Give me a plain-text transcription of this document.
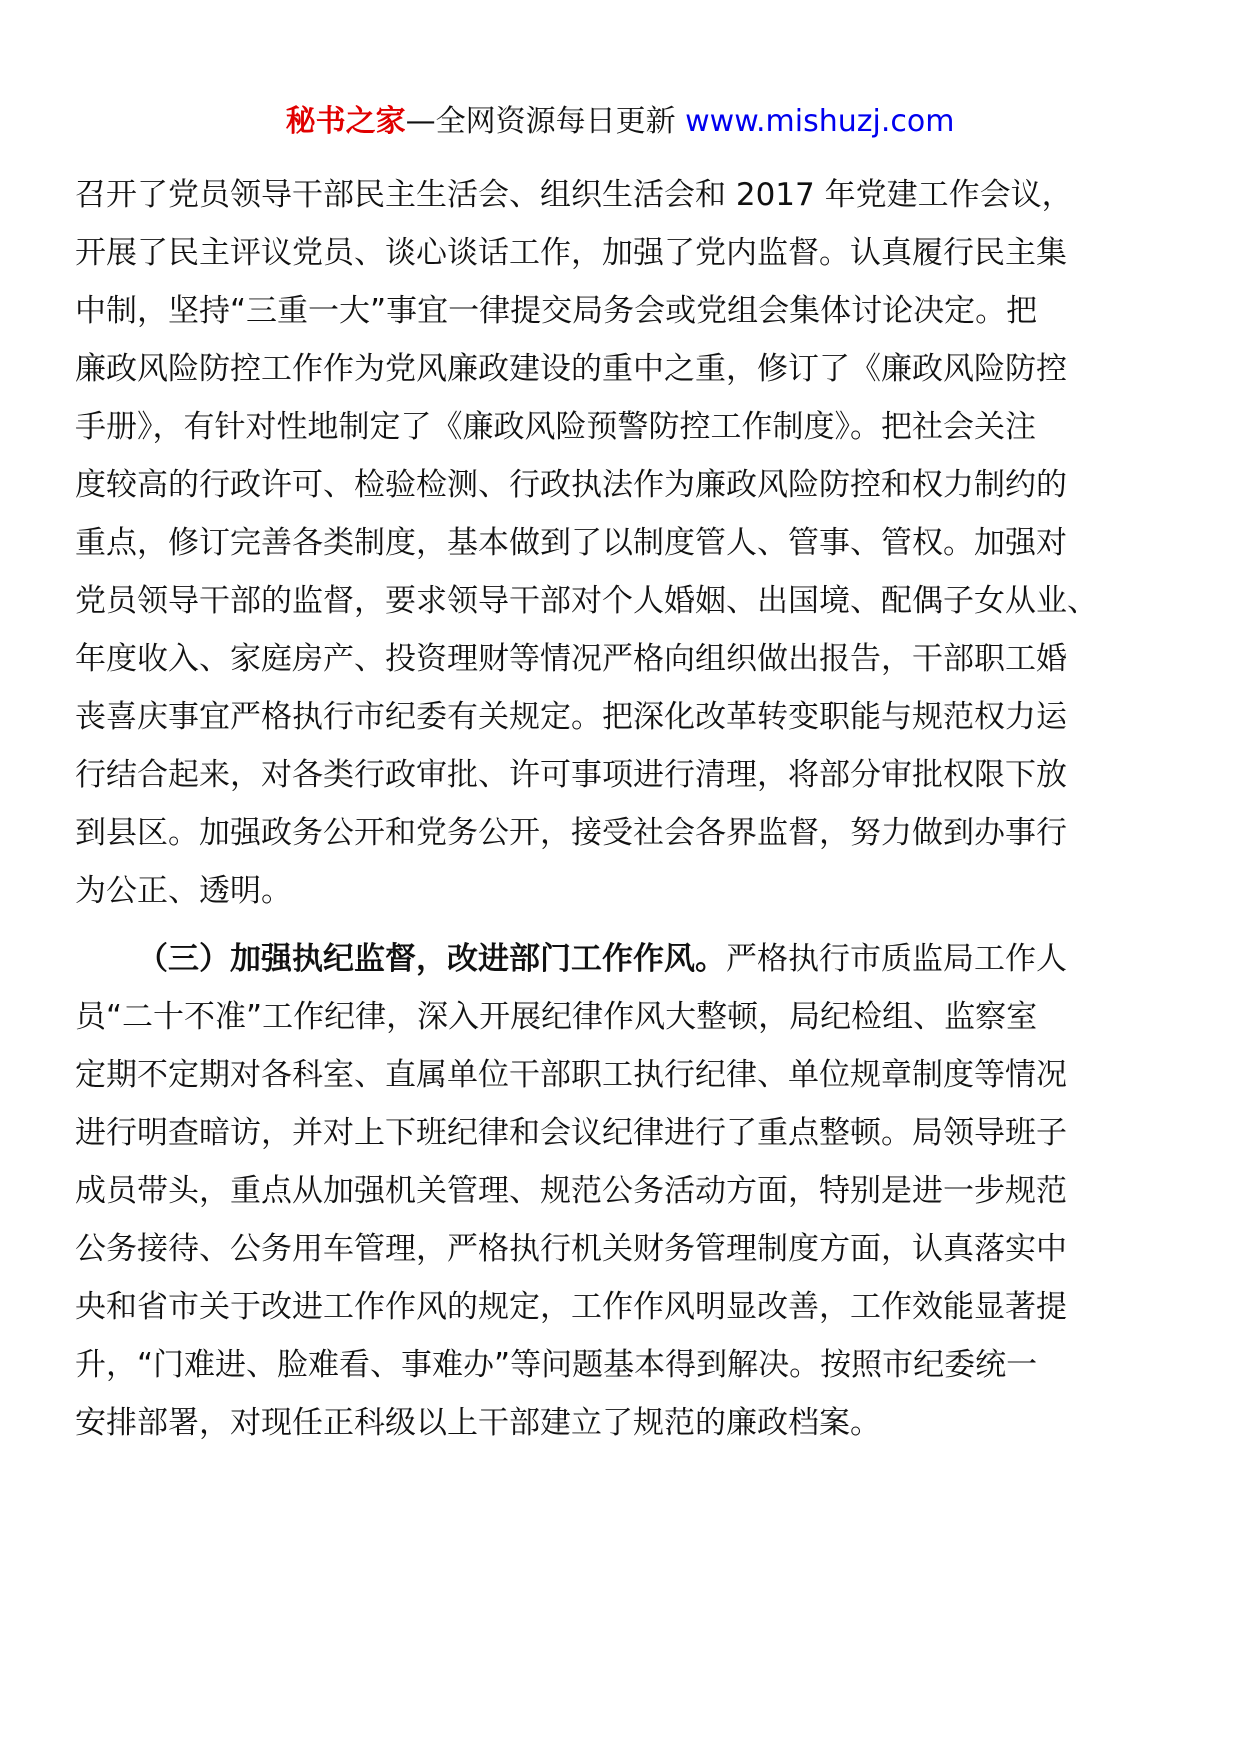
秘书之家—全网资源每日更新 www.mishuzj.com
召开了党员领导干部民主生活会、组织生活会和 2017 年党建工作会议，
开展了民主评议党员、谈心谈话工作，加强了党内监督。认真履行民主集
中制，坚持“三重一大”事宜一律提交局务会或党组会集体讨论决定。把
廉政风险防控工作作为党风廉政建设的重中之重，修订了《廉政风险防控
手册》，有针对性地制定了《廉政风险预警防控工作制度》。把社会关注
度较高的行政许可、检验检测、行政执法作为廉政风险防控和权力制约的
重点，修订完善各类制度，基本做到了以制度管人、管事、管权。加强对
党员领导干部的监督，要求领导干部对个人婚姻、出国境、配偶子女从业、
年度收入、家庭房产、投资理财等情况严格向组织做出报告，干部职工婚
丧喜庆事宜严格执行市纪委有关规定。把深化改革转变职能与规范权力运
行结合起来，对各类行政审批、许可事项进行清理，将部分审批权限下放
到县区。加强政务公开和党务公开，接受社会各界监督，努力做到办事行
为公正、透明。
（三）加强执纪监督，改进部门工作作风。严格执行市质监局工作人
员“二十不准”工作纪律，深入开展纪律作风大整顿，局纪检组、监察室
定期不定期对各科室、直属单位干部职工执行纪律、单位规章制度等情况
进行明查暗访，并对上下班纪律和会议纪律进行了重点整顿。局领导班子
成员带头，重点从加强机关管理、规范公务活动方面，特别是进一步规范
公务接待、公务用车管理，严格执行机关财务管理制度方面，认真落实中
央和省市关于改进工作作风的规定，工作作风明显改善，工作效能显著提
升，“门难进、脸难看、事难办”等问题基本得到解决。按照市纪委统一
安排部署，对现任正科级以上干部建立了规范的廉政档案。
